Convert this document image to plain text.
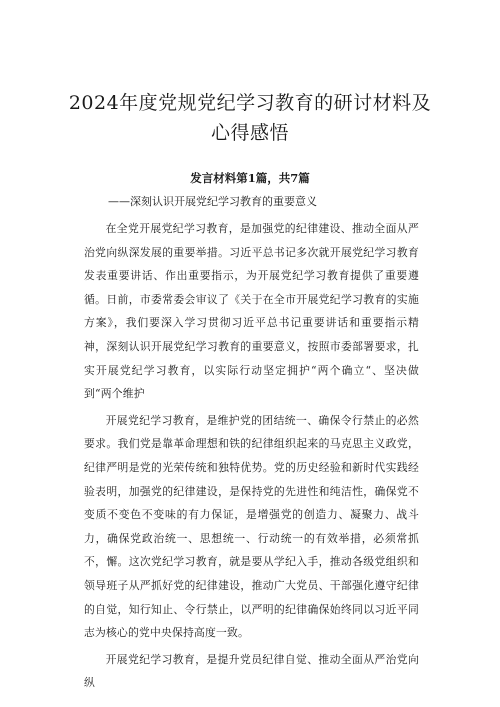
2024年度党规党纪学习教育的研讨材料及心得感悟

发言材料第1篇，共7篇

——深刻认识开展党纪学习教育的重要意义

在全党开展党纪学习教育，是加强党的纪律建设、推动全面从严治党向纵深发展的重要举措。习近平总书记多次就开展党纪学习教育发表重要讲话、作出重要指示，为开展党纪学习教育提供了重要遵循。日前，市委常委会审议了《关于在全市开展党纪学习教育的实施方案》，我们要深入学习贯彻习近平总书记重要讲话和重要指示精神，深刻认识开展党纪学习教育的重要意义，按照市委部署要求，扎实开展党纪学习教育，以实际行动坚定拥护“两个确立“、坚决做到“两个维护

开展党纪学习教育，是维护党的团结统一、确保令行禁止的必然要求。我们党是靠革命理想和铁的纪律组织起来的马克思主义政党，纪律严明是党的光荣传统和独特优势。党的历史经验和新时代实践经验表明，加强党的纪律建设，是保持党的先进性和纯洁性，确保党不变质不变色不变味的有力保证，是增强党的创造力、凝聚力、战斗力，确保党政治统一、思想统一、行动统一的有效举措，必须常抓不，懈。这次党纪学习教育，就是要从学纪入手，推动各级党组织和领导班子从严抓好党的纪律建设，推动广大党员、干部强化遵守纪律的自觉，知行知止、令行禁止，以严明的纪律确保始终同以习近平同志为核心的党中央保持高度一致。

开展党纪学习教育，是提升党员纪律自觉、推动全面从严治党向纵
